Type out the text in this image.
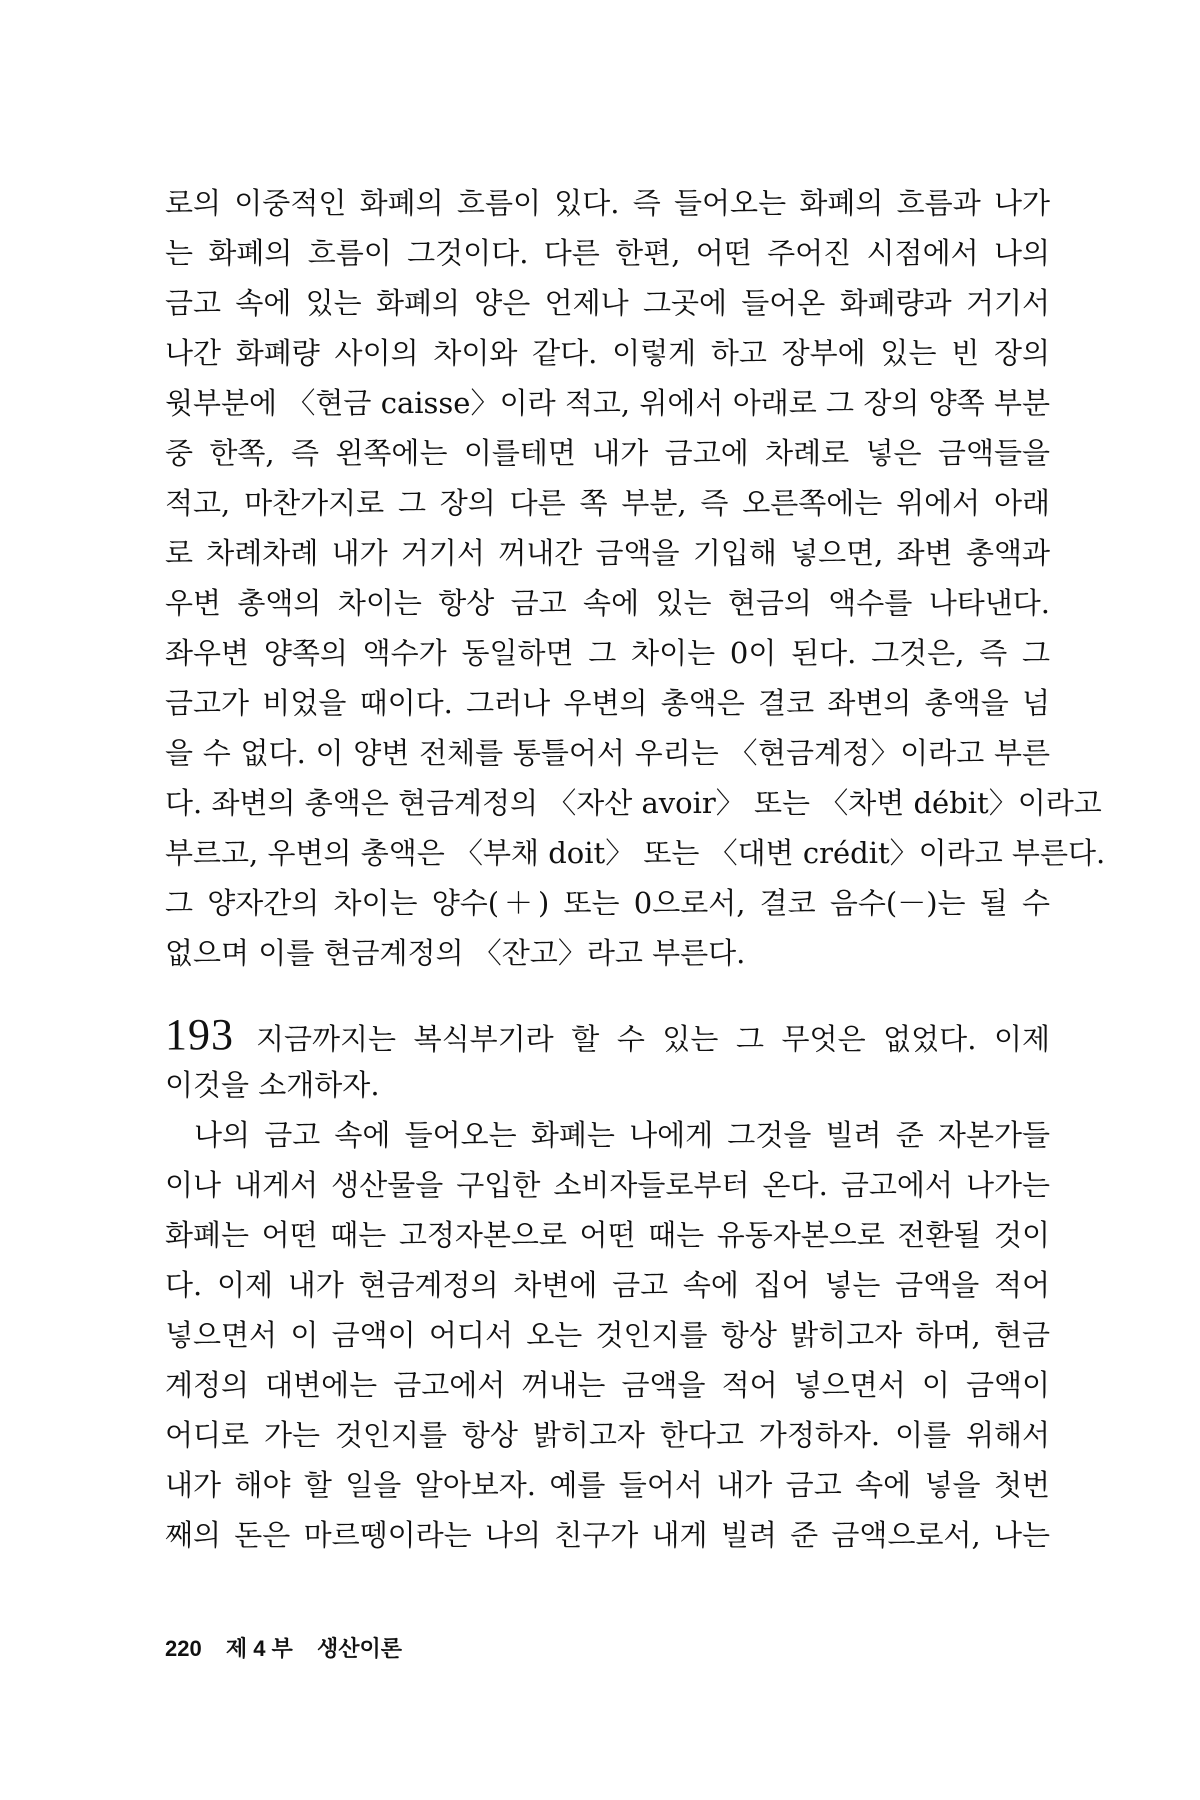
로의 이중적인 화폐의 흐름이 있다. 즉 들어오는 화폐의 흐름과 나가
는 화폐의 흐름이 그것이다. 다른 한편, 어떤 주어진 시점에서 나의
금고 속에 있는 화폐의 양은 언제나 그곳에 들어온 화폐량과 거기서
나간 화폐량 사이의 차이와 같다. 이렇게 하고 장부에 있는 빈 장의
윗부분에 〈현금 caisse〉이라 적고, 위에서 아래로 그 장의 양쪽 부분
중 한쪽, 즉 왼쪽에는 이를테면 내가 금고에 차례로 넣은 금액들을
적고, 마찬가지로 그 장의 다른 쪽 부분, 즉 오른쪽에는 위에서 아래
로 차례차례 내가 거기서 꺼내간 금액을 기입해 넣으면, 좌변 총액과
우변 총액의 차이는 항상 금고 속에 있는 현금의 액수를 나타낸다.
좌우변 양쪽의 액수가 동일하면 그 차이는 0이 된다. 그것은, 즉 그
금고가 비었을 때이다. 그러나 우변의 총액은 결코 좌변의 총액을 넘
을 수 없다. 이 양변 전체를 통틀어서 우리는 〈현금계정〉이라고 부른
다. 좌변의 총액은 현금계정의 〈자산 avoir〉 또는 〈차변 débit〉이라고
부르고, 우변의 총액은 〈부채 doit〉 또는 〈대변 crédit〉이라고 부른다.
그 양자간의 차이는 양수(＋) 또는 0으로서, 결코 음수(－)는 될 수
없으며 이를 현금계정의 〈잔고〉라고 부른다.
193 지금까지는 복식부기라 할 수 있는 그 무엇은 없었다. 이제
이것을 소개하자.
나의 금고 속에 들어오는 화폐는 나에게 그것을 빌려 준 자본가들
이나 내게서 생산물을 구입한 소비자들로부터 온다. 금고에서 나가는
화폐는 어떤 때는 고정자본으로 어떤 때는 유동자본으로 전환될 것이
다. 이제 내가 현금계정의 차변에 금고 속에 집어 넣는 금액을 적어
넣으면서 이 금액이 어디서 오는 것인지를 항상 밝히고자 하며, 현금
계정의 대변에는 금고에서 꺼내는 금액을 적어 넣으면서 이 금액이
어디로 가는 것인지를 항상 밝히고자 한다고 가정하자. 이를 위해서
내가 해야 할 일을 알아보자. 예를 들어서 내가 금고 속에 넣을 첫번
째의 돈은 마르뗑이라는 나의 친구가 내게 빌려 준 금액으로서, 나는
220 제 4 부 생산이론
